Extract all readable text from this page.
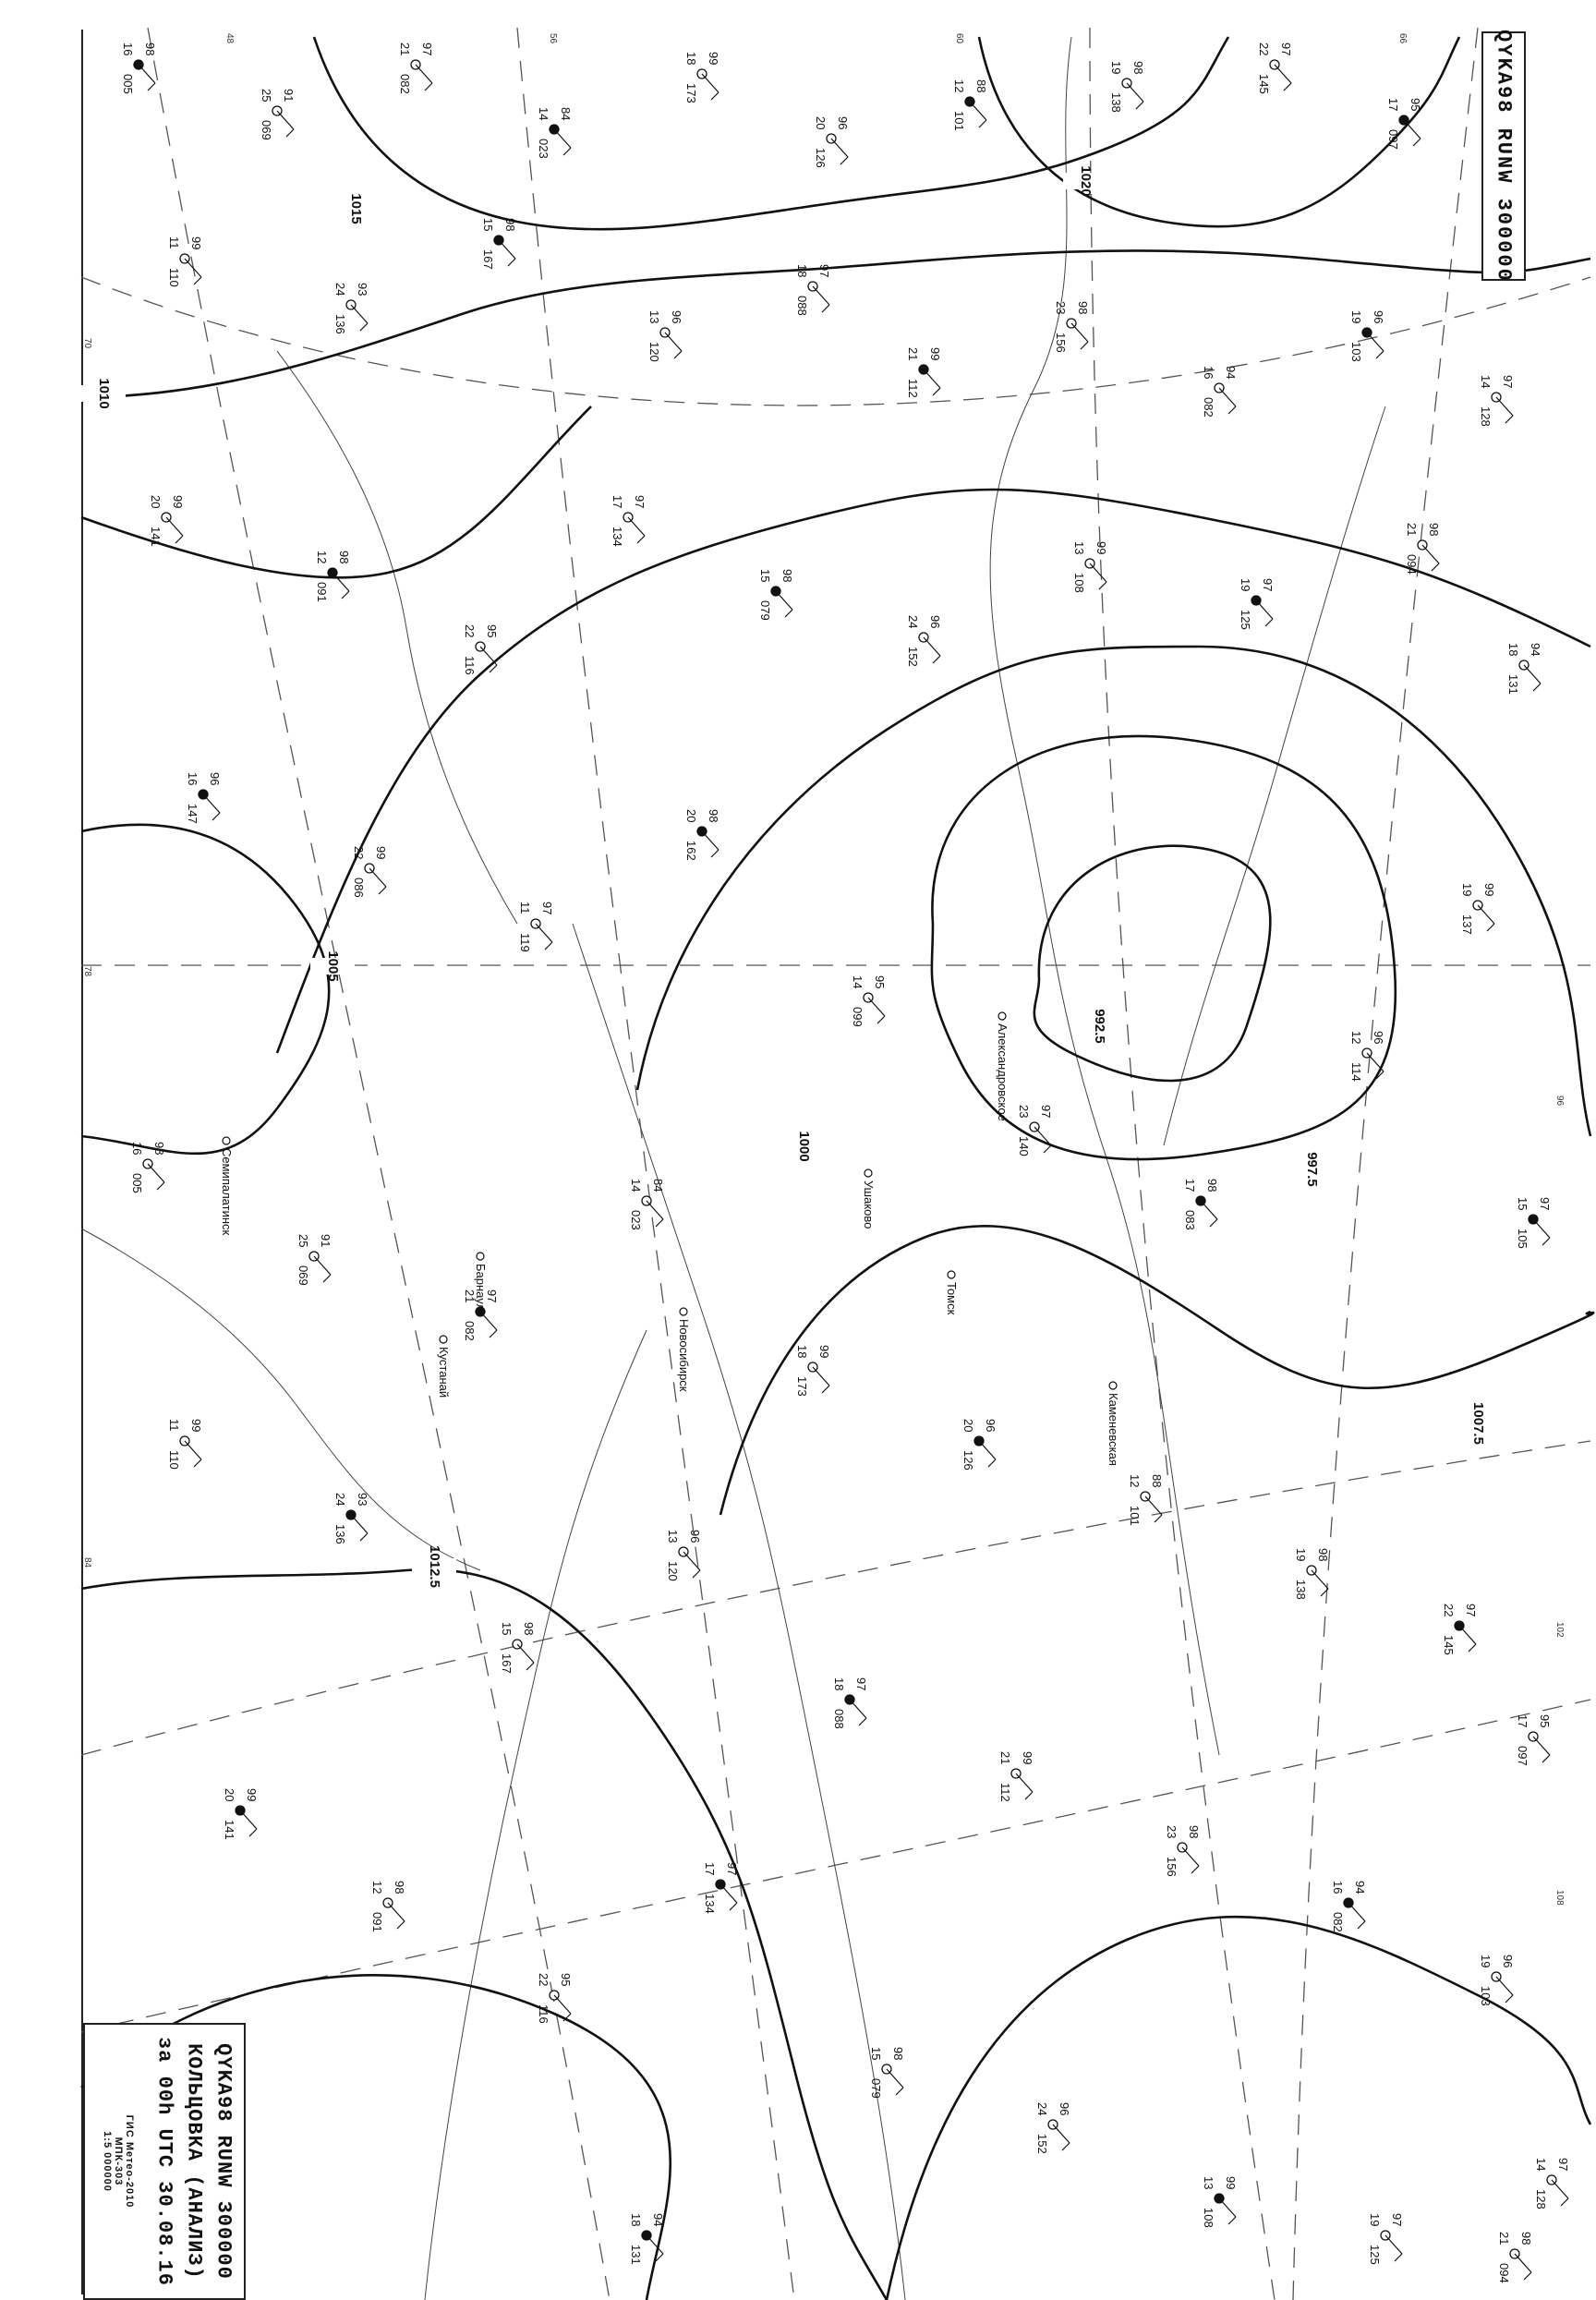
992.5
997.5
1000
1005
1007.5
1010
1012.5
1015
1020
98
16
005
91
25
069
97
21
082
84
14
023
99
18
173
96
20
126
88
12
101
98
19
138
97
22
145
95
17
097
99
11
110
93
24
136
98
15
167
96
13
120
97
18
088
99
21
112
98
23
156
94
16
082
96
19
103
97
14
128
99
20
141
98
12
091
95
22
116
97
17
134
98
15
079
96
24
152
99
13
108	97
19
125
98
21
094
94
18
131
96
16
147
99
22
086
97
11
119
98
20
162
95
14
099
97
23
140
98
17
083
96
12
114
99
19
137
97
15
105
98
16
005
91
25
069
97
21
082
84
14
023
99
18
173
96
20
126
88
12
101
98
19
138
97
22
145
95
17
097
99
11
110
93
24
136
98
15
167
96
13
120
97
18
088
99
21
112
98
23
156
94
16
082
96
19
103
97
14
128
99
20
141
98
12
091
95
22
116
97
17
134
98
15
079
96
24
152
99
13
108	97
19
125
98
21
094
94
18
131
Александровское
Томск
Семипалатинск
Кустанай
Ушаково
Каменевская
Барнаул
Новосибирск
48	56	60	66
70
78
84
96
102
108
QYKA98 RUNW 300000
QYKA98 RUNW 300000
КОЛЬЦОВКА (АНАЛИЗ)
за 00h UTC 30.08.16
ГИС Метео-2010
МПК-303
1:5 000000
